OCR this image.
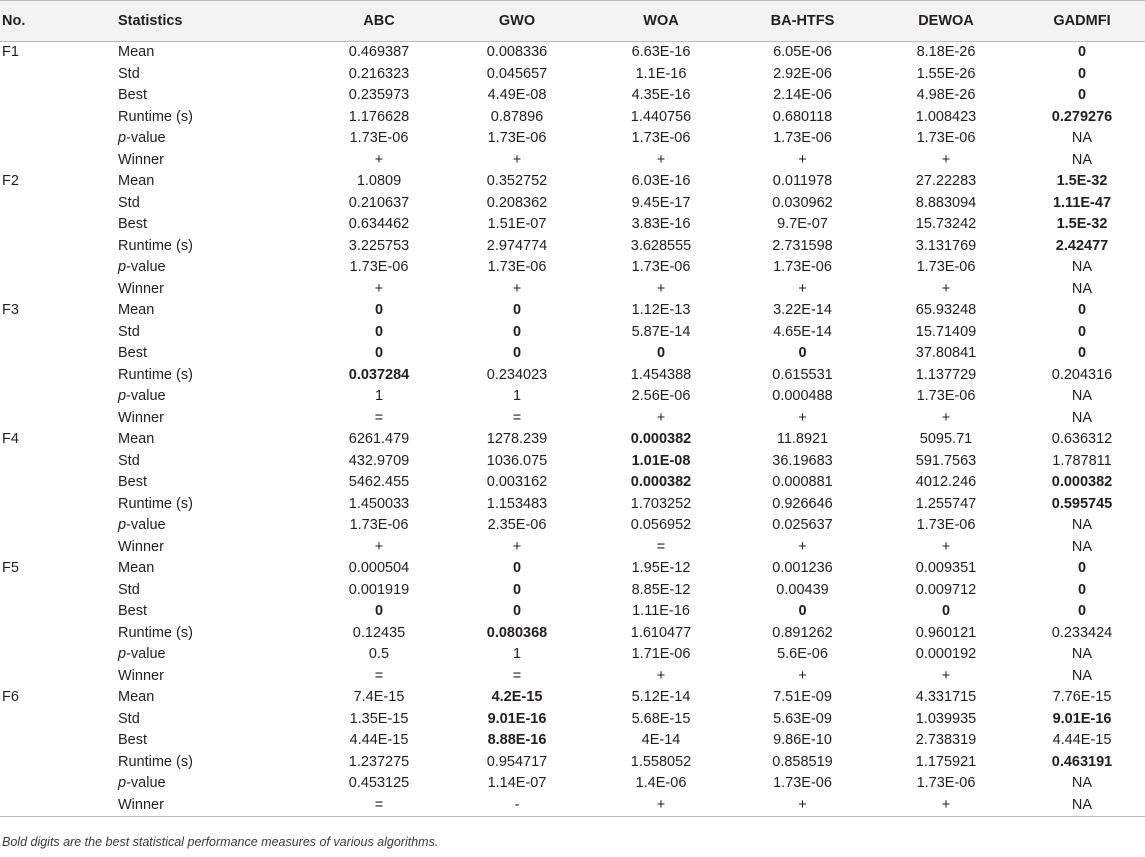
No.	Statistics	ABC	GWO	WOA	BA-HTFS	DEWOA	GADMFI
F1	Mean	0.469387	0.008336	6.63E-16	6.05E-06	8.18E-26	0
	Std	0.216323	0.045657	1.1E-16	2.92E-06	1.55E-26	0
	Best	0.235973	4.49E-08	4.35E-16	2.14E-06	4.98E-26	0
	Runtime (s)	1.176628	0.87896	1.440756	0.680118	1.008423	0.279276
	p-value	1.73E-06	1.73E-06	1.73E-06	1.73E-06	1.73E-06	NA
	Winner	+	+	+	+	+	NA
F2	Mean	1.0809	0.352752	6.03E-16	0.011978	27.22283	1.5E-32
	Std	0.210637	0.208362	9.45E-17	0.030962	8.883094	1.11E-47
	Best	0.634462	1.51E-07	3.83E-16	9.7E-07	15.73242	1.5E-32
	Runtime (s)	3.225753	2.974774	3.628555	2.731598	3.131769	2.42477
	p-value	1.73E-06	1.73E-06	1.73E-06	1.73E-06	1.73E-06	NA
	Winner	+	+	+	+	+	NA
F3	Mean	0	0	1.12E-13	3.22E-14	65.93248	0
	Std	0	0	5.87E-14	4.65E-14	15.71409	0
	Best	0	0	0	0	37.80841	0
	Runtime (s)	0.037284	0.234023	1.454388	0.615531	1.137729	0.204316
	p-value	1	1	2.56E-06	0.000488	1.73E-06	NA
	Winner	=	=	+	+	+	NA
F4	Mean	6261.479	1278.239	0.000382	11.8921	5095.71	0.636312
	Std	432.9709	1036.075	1.01E-08	36.19683	591.7563	1.787811
	Best	5462.455	0.003162	0.000382	0.000881	4012.246	0.000382
	Runtime (s)	1.450033	1.153483	1.703252	0.926646	1.255747	0.595745
	p-value	1.73E-06	2.35E-06	0.056952	0.025637	1.73E-06	NA
	Winner	+	+	=	+	+	NA
F5	Mean	0.000504	0	1.95E-12	0.001236	0.009351	0
	Std	0.001919	0	8.85E-12	0.00439	0.009712	0
	Best	0	0	1.11E-16	0	0	0
	Runtime (s)	0.12435	0.080368	1.610477	0.891262	0.960121	0.233424
	p-value	0.5	1	1.71E-06	5.6E-06	0.000192	NA
	Winner	=	=	+	+	+	NA
F6	Mean	7.4E-15	4.2E-15	5.12E-14	7.51E-09	4.331715	7.76E-15
	Std	1.35E-15	9.01E-16	5.68E-15	5.63E-09	1.039935	9.01E-16
	Best	4.44E-15	8.88E-16	4E-14	9.86E-10	2.738319	4.44E-15
	Runtime (s)	1.237275	0.954717	1.558052	0.858519	1.175921	0.463191
	p-value	0.453125	1.14E-07	1.4E-06	1.73E-06	1.73E-06	NA
	Winner	=	-	+	+	+	NA
Bold digits are the best statistical performance measures of various algorithms.							
